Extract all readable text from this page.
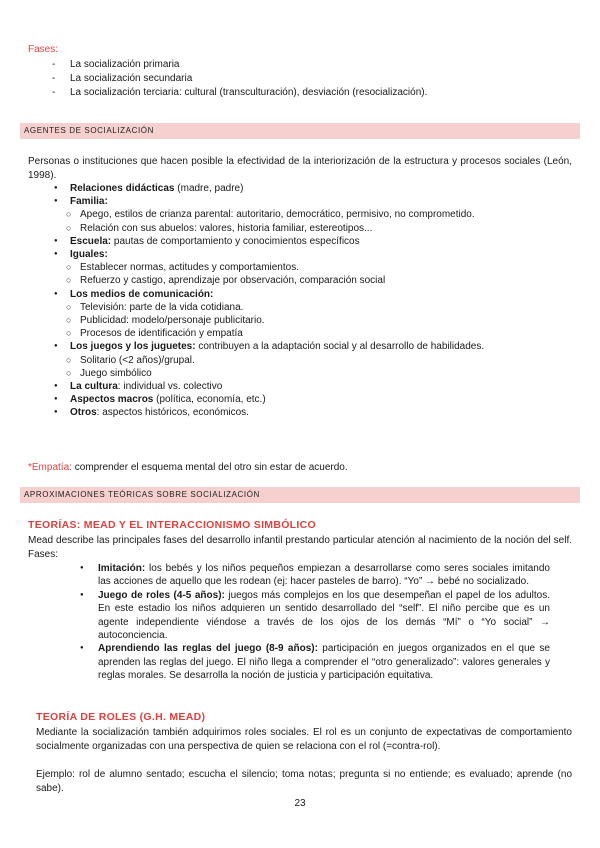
Fases:
- La socialización primaria
- La socialización secundaria
- La socialización terciaria: cultural (transculturación), desviación (resocialización).
AGENTES DE SOCIALIZACIÓN
Personas o instituciones que hacen posible la efectividad de la interiorización de la estructura y procesos sociales (León, 1998).
● Relaciones didácticas (madre, padre)
● Familia:
○ Apego, estilos de crianza parental: autoritario, democrático, permisivo, no comprometido.
○ Relación con sus abuelos: valores, historia familiar, estereotipos...
● Escuela: pautas de comportamiento y conocimientos específicos
● Iguales:
○ Establecer normas, actitudes y comportamientos.
○ Refuerzo y castigo, aprendizaje por observación, comparación social
● Los medios de comunicación:
○ Televisión: parte de la vida cotidiana.
○ Publicidad: modelo/personaje publicitario.
○ Procesos de identificación y empatía
● Los juegos y los juguetes: contribuyen a la adaptación social y al desarrollo de habilidades.
○ Solitario (<2 años)/grupal.
○ Juego simbólico
● La cultura: individual vs. colectivo
● Aspectos macros (política, economía, etc.)
● Otros: aspectos históricos, económicos.
*Empatía: comprender el esquema mental del otro sin estar de acuerdo.
APROXIMACIONES TEÓRICAS SOBRE SOCIALIZACIÓN
TEORÍAS: MEAD Y EL INTERACCIONISMO SIMBÓLICO
Mead describe las principales fases del desarrollo infantil prestando particular atención al nacimiento de la noción del self. Fases:
● Imitación: los bebés y los niños pequeños empiezan a desarrollarse como seres sociales imitando las acciones de aquello que les rodean (ej: hacer pasteles de barro). “Yo” → bebé no socializado.
● Juego de roles (4-5 años): juegos más complejos en los que desempeñan el papel de los adultos. En este estadio los niños adquieren un sentido desarrollado del “self”. El niño percibe que es un agente independiente viéndose a través de los ojos de los demás “Mí” o “Yo social” → autoconciencia.
● Aprendiendo las reglas del juego (8-9 años): participación en juegos organizados en el que se aprenden las reglas del juego. El niño llega a comprender el “otro generalizado”: valores generales y reglas morales. Se desarrolla la noción de justicia y participación equitativa.
TEORÍA DE ROLES (G.H. MEAD)
Mediante la socialización también adquirimos roles sociales. El rol es un conjunto de expectativas de comportamiento socialmente organizadas con una perspectiva de quien se relaciona con el rol (=contra-rol).
Ejemplo: rol de alumno sentado; escucha el silencio; toma notas; pregunta si no entiende; es evaluado; aprende (no sabe).
23
